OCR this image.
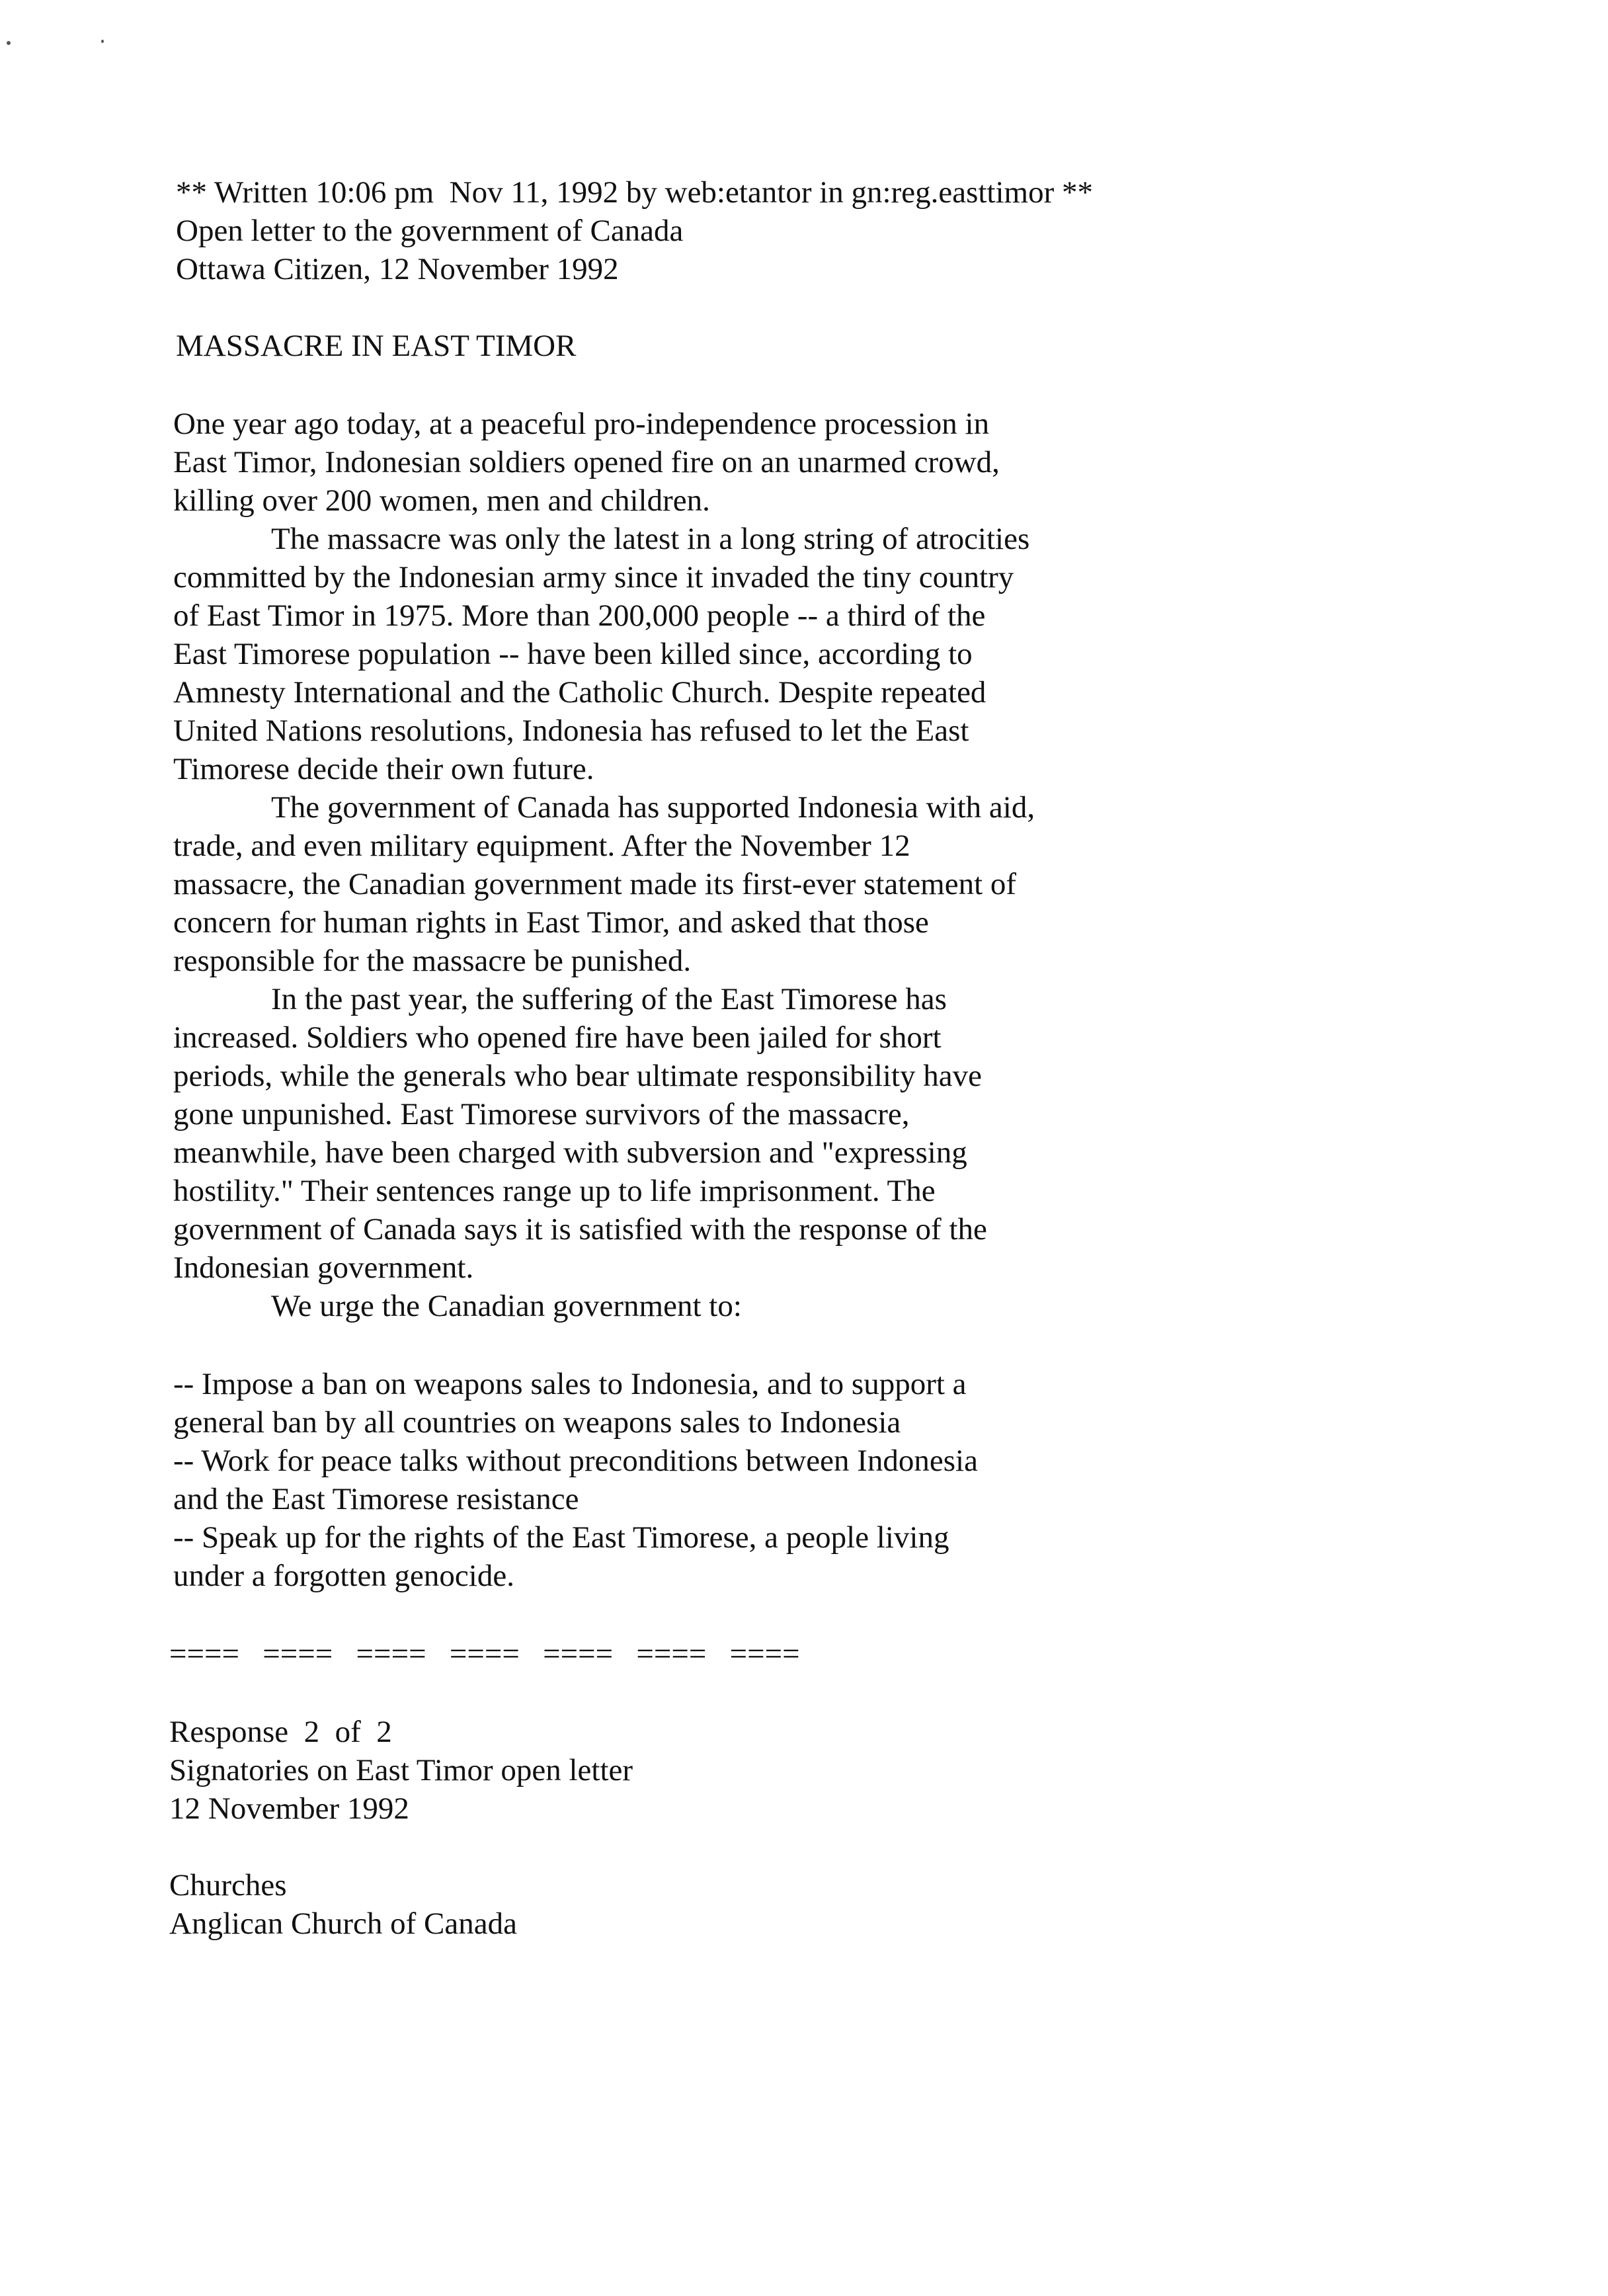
** Written 10:06 pm  Nov 11, 1992 by web:etantor in gn:reg.easttimor **
Open letter to the government of Canada
Ottawa Citizen, 12 November 1992
MASSACRE IN EAST TIMOR
One year ago today, at a peaceful pro-independence procession in
East Timor, Indonesian soldiers opened fire on an unarmed crowd,
killing over 200 women, men and children.
The massacre was only the latest in a long string of atrocities
committed by the Indonesian army since it invaded the tiny country
of East Timor in 1975. More than 200,000 people -- a third of the
East Timorese population -- have been killed since, according to
Amnesty International and the Catholic Church. Despite repeated
United Nations resolutions, Indonesia has refused to let the East
Timorese decide their own future.
The government of Canada has supported Indonesia with aid,
trade, and even military equipment. After the November 12
massacre, the Canadian government made its first-ever statement of
concern for human rights in East Timor, and asked that those
responsible for the massacre be punished.
In the past year, the suffering of the East Timorese has
increased. Soldiers who opened fire have been jailed for short
periods, while the generals who bear ultimate responsibility have
gone unpunished. East Timorese survivors of the massacre,
meanwhile, have been charged with subversion and "expressing
hostility." Their sentences range up to life imprisonment. The
government of Canada says it is satisfied with the response of the
Indonesian government.
We urge the Canadian government to:
-- Impose a ban on weapons sales to Indonesia, and to support a
general ban by all countries on weapons sales to Indonesia
-- Work for peace talks without preconditions between Indonesia
and the East Timorese resistance
-- Speak up for the rights of the East Timorese, a people living
under a forgotten genocide.
====   ====   ====   ====   ====   ====   ====
Response  2  of  2
Signatories on East Timor open letter
12 November 1992
Churches
Anglican Church of Canada
